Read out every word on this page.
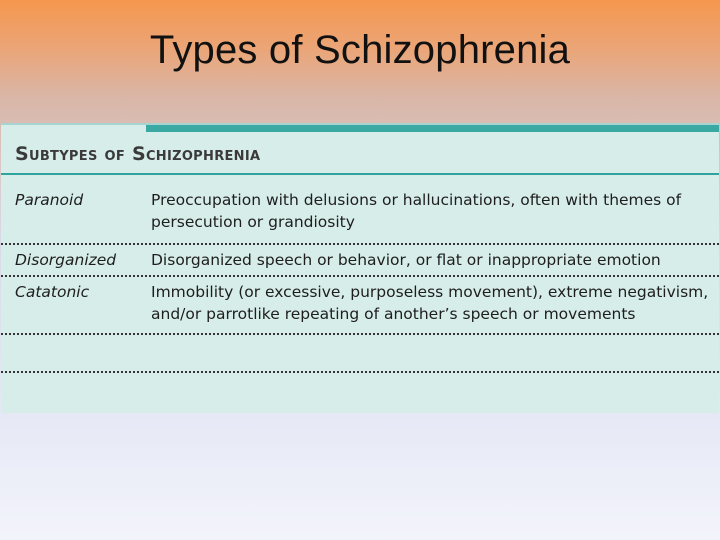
Types of Schizophrenia
Subtypes of Schizophrenia
Paranoid	Preoccupation with delusions or hallucinations, often with themes of persecution or grandiosity
Disorganized Disorganized speech or behavior, or flat or inappropriate emotion
Catatonic	Immobility (or excessive, purposeless movement), extreme negativism, and/or parrotlike repeating of another’s speech or movements
